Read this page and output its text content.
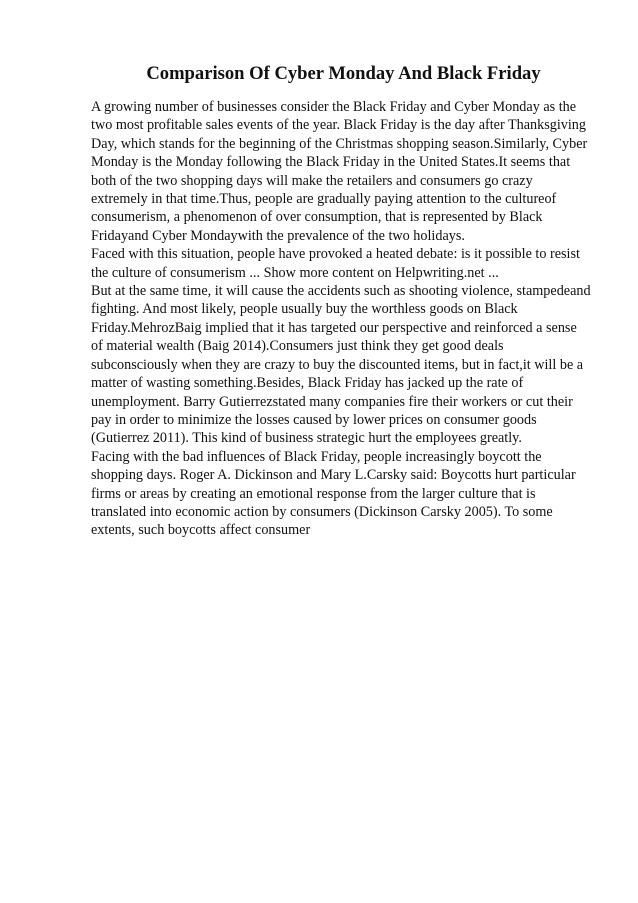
Comparison Of Cyber Monday And Black Friday

A growing number of businesses consider the Black Friday and Cyber Monday as the two most profitable sales events of the year. Black Friday is the day after Thanksgiving Day, which stands for the beginning of the Christmas shopping season.Similarly, Cyber Monday is the Monday following the Black Friday in the United States.It seems that both of the two shopping days will make the retailers and consumers go crazy extremely in that time.Thus, people are gradually paying attention to the cultureof consumerism, a phenomenon of over consumption, that is represented by Black Fridayand Cyber Mondaywith the prevalence of the two holidays.

Faced with this situation, people have provoked a heated debate: is it possible to resist the culture of consumerism ... Show more content on Helpwriting.net ...

But at the same time, it will cause the accidents such as shooting violence, stampedeand fighting. And most likely, people usually buy the worthless goods on Black Friday.MehrozBaig implied that it has targeted our perspective and reinforced a sense of material wealth (Baig 2014).Consumers just think they get good deals subconsciously when they are crazy to buy the discounted items, but in fact,it will be a matter of wasting something.Besides, Black Friday has jacked up the rate of unemployment. Barry Gutierrezstated many companies fire their workers or cut their pay in order to minimize the losses caused by lower prices on consumer goods (Gutierrez 2011). This kind of business strategic hurt the employees greatly.

Facing with the bad influences of Black Friday, people increasingly boycott the shopping days. Roger A. Dickinson and Mary L.Carsky said: Boycotts hurt particular firms or areas by creating an emotional response from the larger culture that is translated into economic action by consumers (Dickinson Carsky 2005). To some extents, such boycotts affect consumer
